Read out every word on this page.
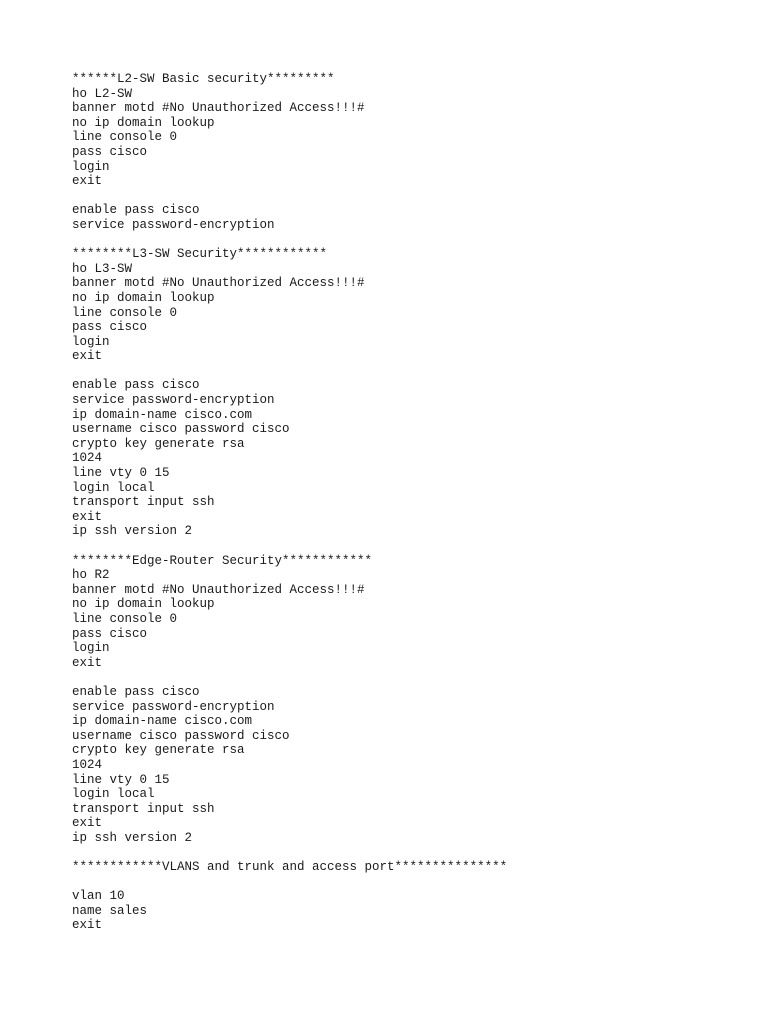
******L2-SW Basic security*********
ho L2-SW
banner motd #No Unauthorized Access!!!#
no ip domain lookup
line console 0
pass cisco
login
exit
enable pass cisco
service password-encryption
********L3-SW Security************
ho L3-SW
banner motd #No Unauthorized Access!!!#
no ip domain lookup
line console 0
pass cisco
login
exit
enable pass cisco
service password-encryption
ip domain-name cisco.com
username cisco password cisco
crypto key generate rsa
1024
line vty 0 15
login local
transport input ssh
exit
ip ssh version 2
********Edge-Router Security************
ho R2
banner motd #No Unauthorized Access!!!#
no ip domain lookup
line console 0
pass cisco
login
exit
enable pass cisco
service password-encryption
ip domain-name cisco.com
username cisco password cisco
crypto key generate rsa
1024
line vty 0 15
login local
transport input ssh
exit
ip ssh version 2
************VLANS and trunk and access port***************
vlan 10
name sales
exit
